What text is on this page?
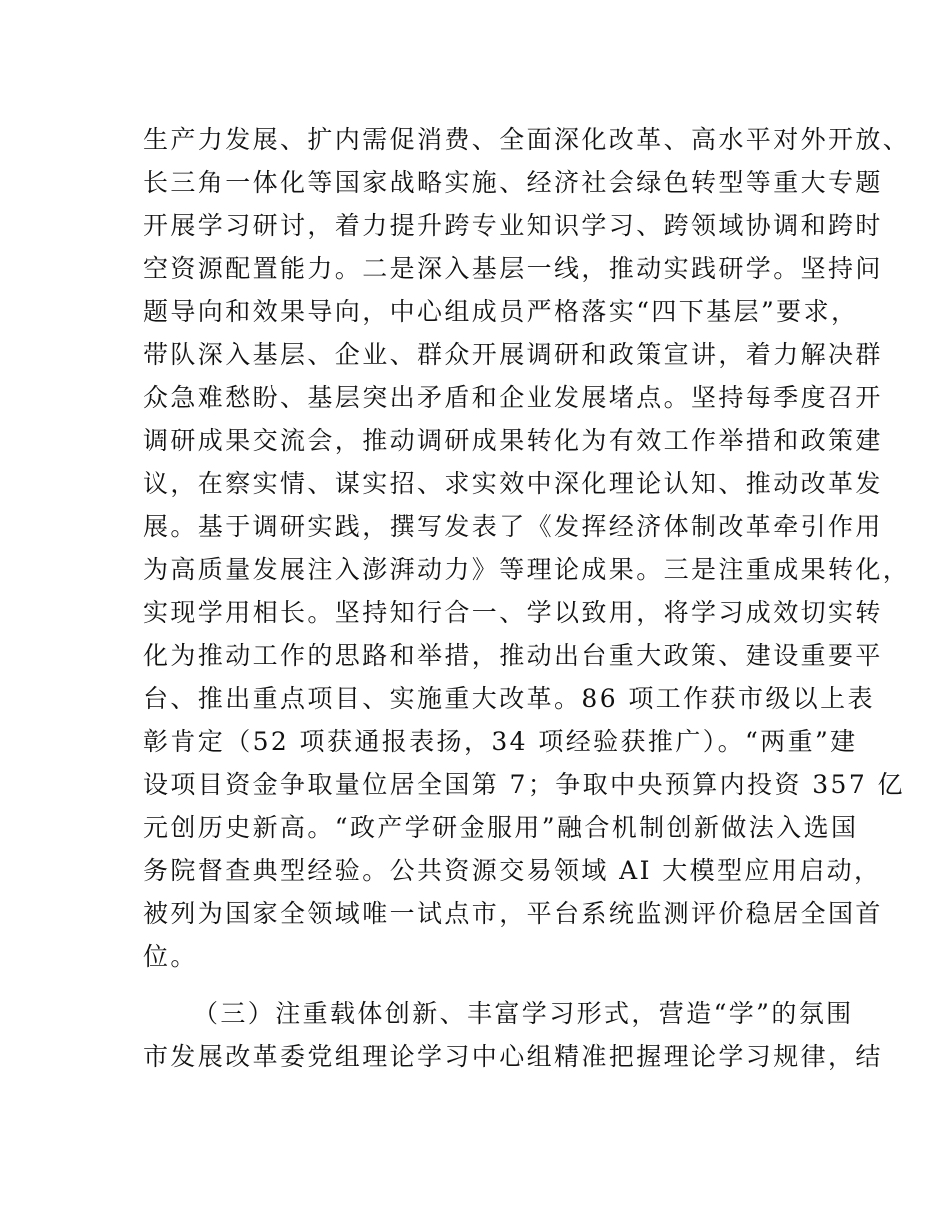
生产力发展、扩内需促消费、全面深化改革、高水平对外开放、
长三角一体化等国家战略实施、经济社会绿色转型等重大专题
开展学习研讨，着力提升跨专业知识学习、跨领域协调和跨时
空资源配置能力。二是深入基层一线，推动实践研学。坚持问
题导向和效果导向，中心组成员严格落实“四下基层”要求，
带队深入基层、企业、群众开展调研和政策宣讲，着力解决群
众急难愁盼、基层突出矛盾和企业发展堵点。坚持每季度召开
调研成果交流会，推动调研成果转化为有效工作举措和政策建
议，在察实情、谋实招、求实效中深化理论认知、推动改革发
展。基于调研实践，撰写发表了《发挥经济体制改革牵引作用
为高质量发展注入澎湃动力》等理论成果。三是注重成果转化，
实现学用相长。坚持知行合一、学以致用，将学习成效切实转
化为推动工作的思路和举措，推动出台重大政策、建设重要平
台、推出重点项目、实施重大改革。86 项工作获市级以上表
彰肯定（52 项获通报表扬，34 项经验获推广）。“两重”建
设项目资金争取量位居全国第 7；争取中央预算内投资 357 亿
元创历史新高。“政产学研金服用”融合机制创新做法入选国
务院督查典型经验。公共资源交易领域 AI 大模型应用启动，
被列为国家全领域唯一试点市，平台系统监测评价稳居全国首
位。
（三）注重载体创新、丰富学习形式，营造“学”的氛围
市发展改革委党组理论学习中心组精准把握理论学习规律，结
